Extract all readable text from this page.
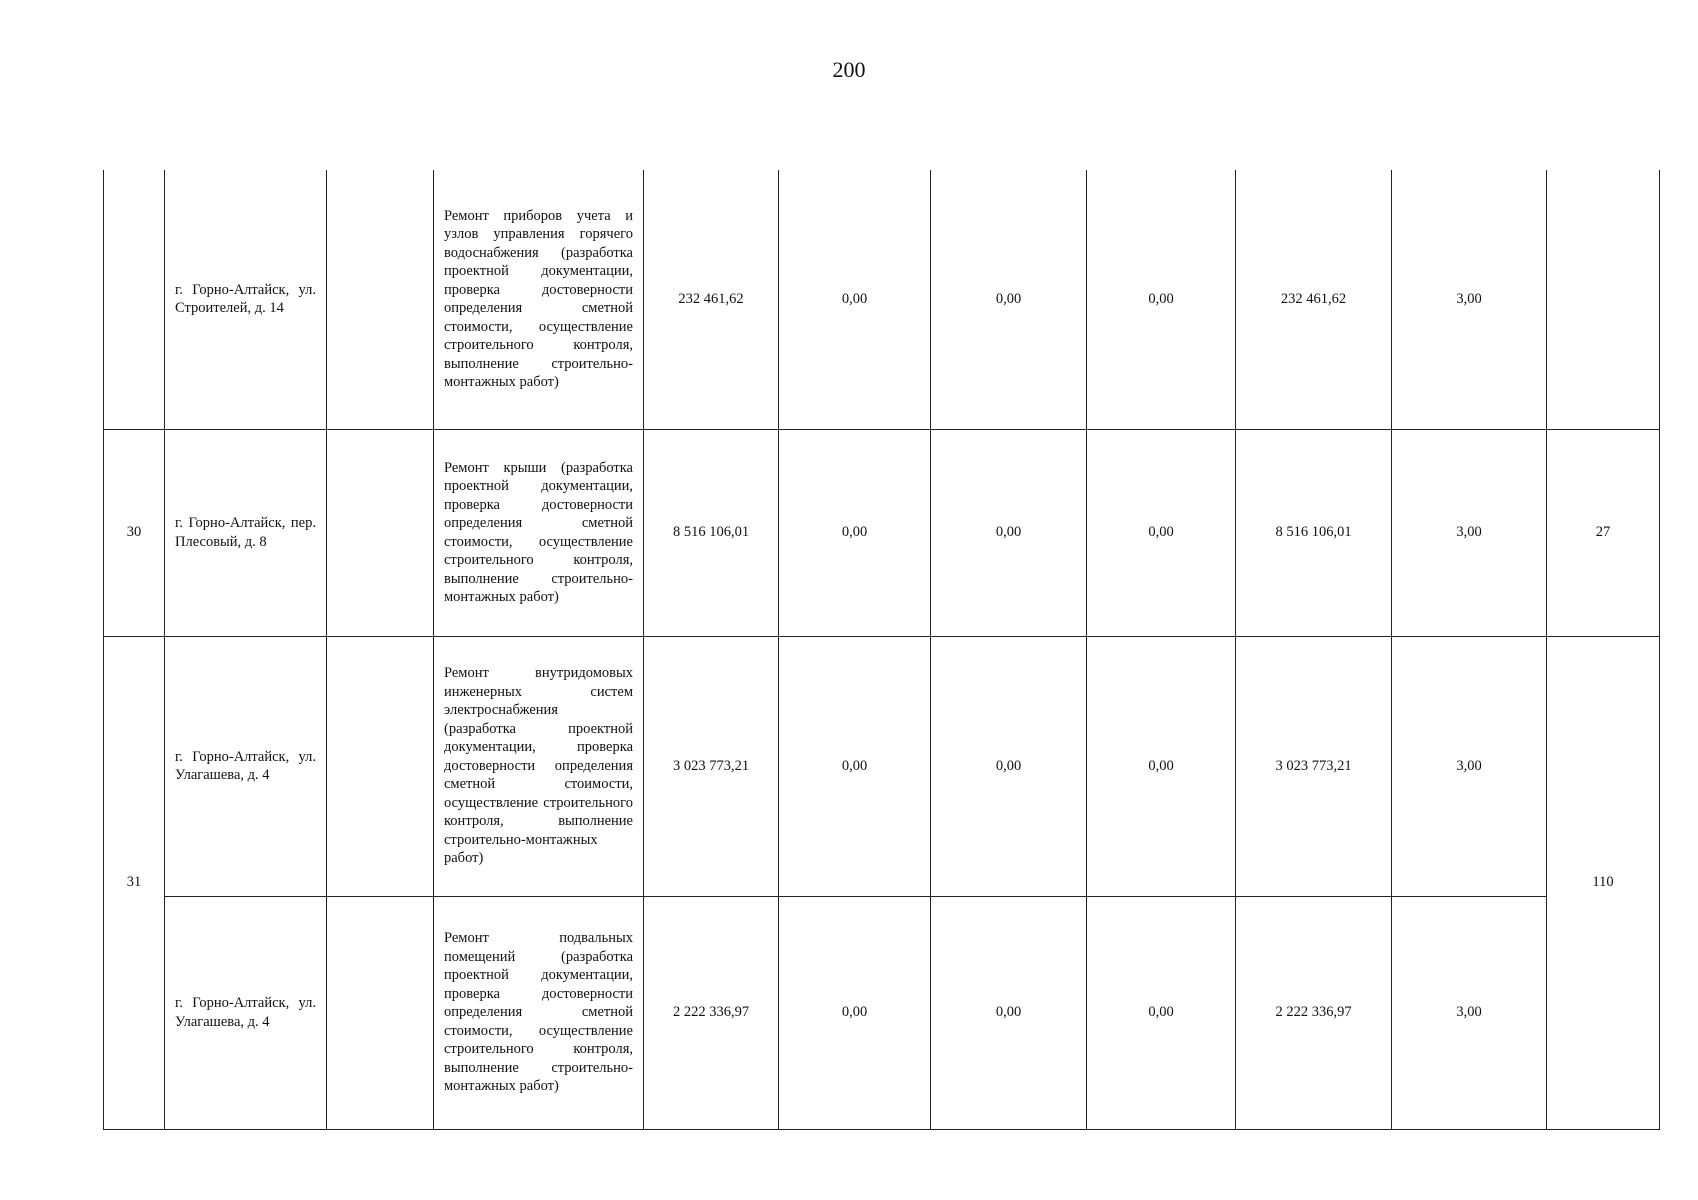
200
	г. Горно-Алтайск, ул. Строителей, д. 14		Ремонт приборов учета и узлов управления горячего водоснабжения (разработка проектной документации, проверка достоверности определения сметной стоимости, осуществление строительного контроля, выполнение строительно-монтажных работ)	232 461,62	0,00	0,00	0,00	232 461,62	3,00	
30	г. Горно-Алтайск, пер. Плесовый, д. 8		Ремонт крыши (разработка проектной документации, проверка достоверности определения сметной стоимости, осуществление строительного контроля, выполнение строительно-монтажных работ)	8 516 106,01	0,00	0,00	0,00	8 516 106,01	3,00	27
31	г. Горно-Алтайск, ул. Улагашева, д. 4		Ремонт внутридомовых инженерных систем электроснабжения (разработка проектной документации, проверка достоверности определения сметной стоимости, осуществление строительного контроля, выполнение строительно-монтажных работ)	3 023 773,21	0,00	0,00	0,00	3 023 773,21	3,00	110
	г. Горно-Алтайск, ул. Улагашева, д. 4		Ремонт подвальных помещений (разработка проектной документации, проверка достоверности определения сметной стоимости, осуществление строительного контроля, выполнение строительно-монтажных работ)	2 222 336,97	0,00	0,00	0,00	2 222 336,97	3,00	
